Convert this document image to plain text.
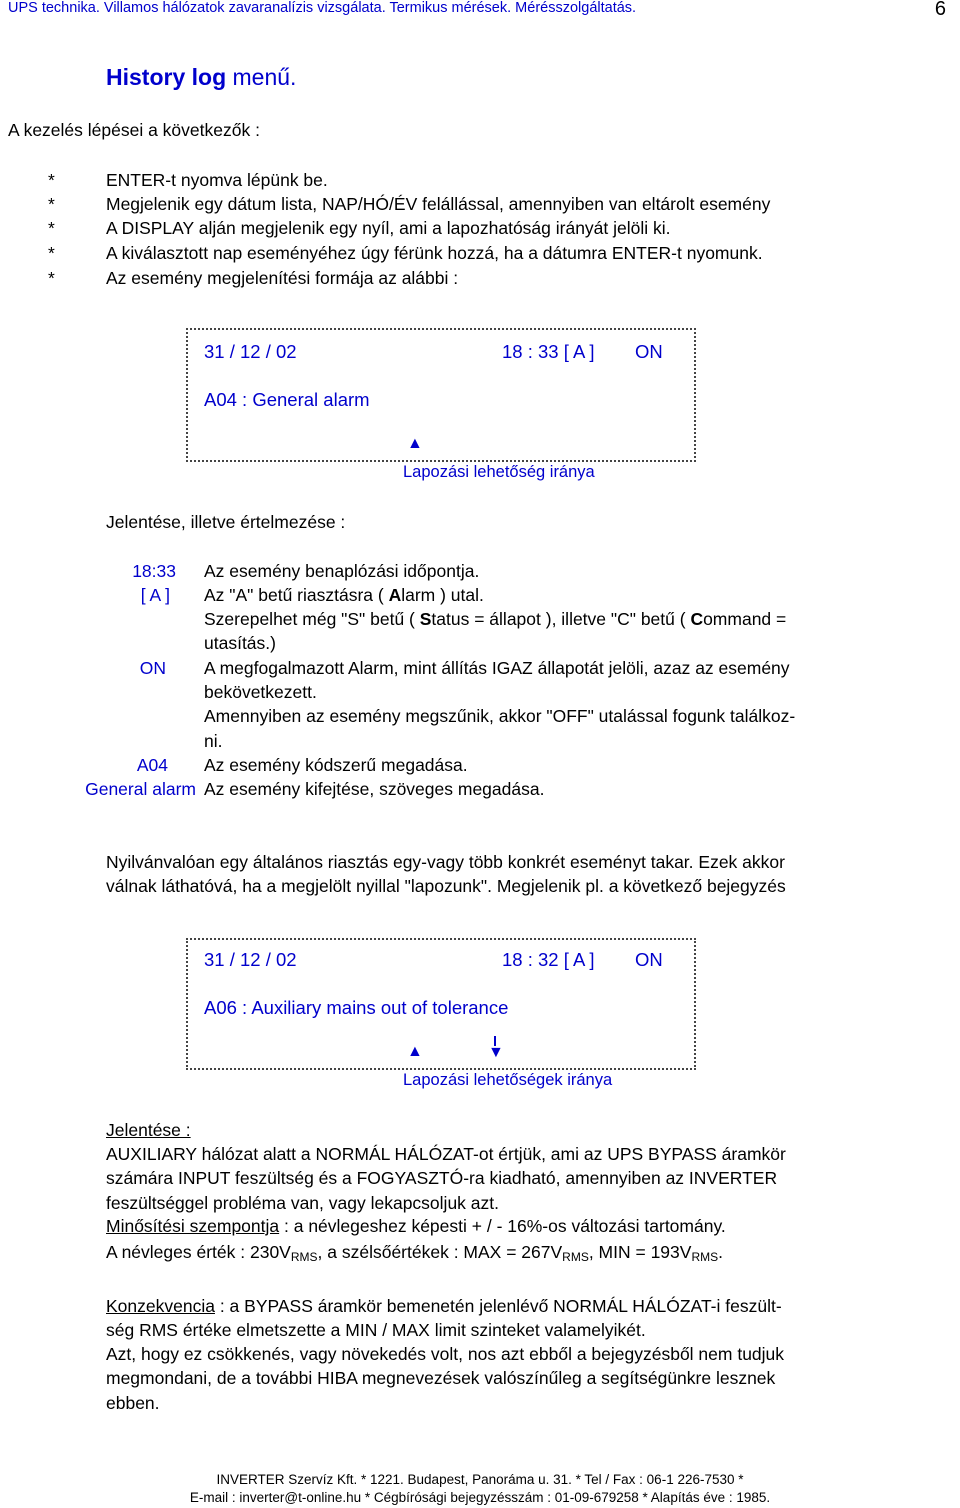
UPS technika. Villamos hálózatok zavaranalízis vizsgálata. Termikus mérések. Mérésszolgáltatás.	6
History log menű.
A kezelés lépései a következők :
*	ENTER-t nyomva lépünk be.
*	Megjelenik egy dátum lista, NAP/HÓ/ÉV felállással, amennyiben van eltárolt esemény
*	A DISPLAY alján megjelenik egy nyíl, ami a lapozhatóság irányát jelöli ki.
*	A kiválasztott nap eseményéhez úgy férünk hozzá, ha a dátumra ENTER-t nyomunk.
*	Az esemény megjelenítési formája az alábbi :
31 / 12 / 02	18 : 33 [ A ] ON
A04 : General alarm
▲
Lapozási lehetőség iránya
Jelentése, illetve értelmezése :
18:33 Az esemény benaplózási időpontja.
[ A ] Az "A" betű riasztásra ( Alarm ) utal.
Szerepelhet még "S" betű ( Status = állapot ), illetve "C" betű ( Command =
utasítás.)
ON A megfogalmazott Alarm, mint állítás IGAZ állapotát jelöli, azaz az esemény
bekövetkezett.
Amennyiben az esemény megszűnik, akkor "OFF" utalással fogunk találkoz-
ni.
A04 Az esemény kódszerű megadása.
General alarm Az esemény kifejtése, szöveges megadása.
Nyilvánvalóan egy általános riasztás egy-vagy több konkrét eseményt takar. Ezek akkor
válnak láthatóvá, ha a megjelölt nyillal "lapozunk". Megjelenik pl. a következő bejegyzés
31 / 12 / 02	18 : 32 [ A ] ON
A06 : Auxiliary mains out of tolerance
▲	▼
Lapozási lehetőségek iránya
Jelentése :
AUXILIARY hálózat alatt a NORMÁL HÁLÓZAT-ot értjük, ami az UPS BYPASS áramkör
számára INPUT feszültség és a FOGYASZTÓ-ra kiadható, amennyiben az INVERTER
feszültséggel probléma van, vagy lekapcsoljuk azt.
Minősítési szempontja : a névlegeshez képesti + / - 16%-os változási tartomány.
A névleges érték : $230V_{RMS}$, a szélsőértékek : MAX = $267V_{RMS}$, MIN = $193V_{RMS}$.
Konzekvencia : a BYPASS áramkör bemenetén jelenlévő NORMÁL HÁLÓZAT-i feszült-
ség RMS értéke elmetszette a MIN / MAX limit szinteket valamelyikét.
Azt, hogy ez csökkenés, vagy növekedés volt, nos azt ebből a bejegyzésből nem tudjuk
megmondani, de a további HIBA megnevezések valószínűleg a segítségünkre lesznek
ebben.
INVERTER Szervíz Kft. * 1221. Budapest, Panoráma u. 31. * Tel / Fax : 06-1 226-7530 *
E-mail : inverter@t-online.hu * Cégbírósági bejegyzésszám : 01-09-679258 * Alapítás éve : 1985.
